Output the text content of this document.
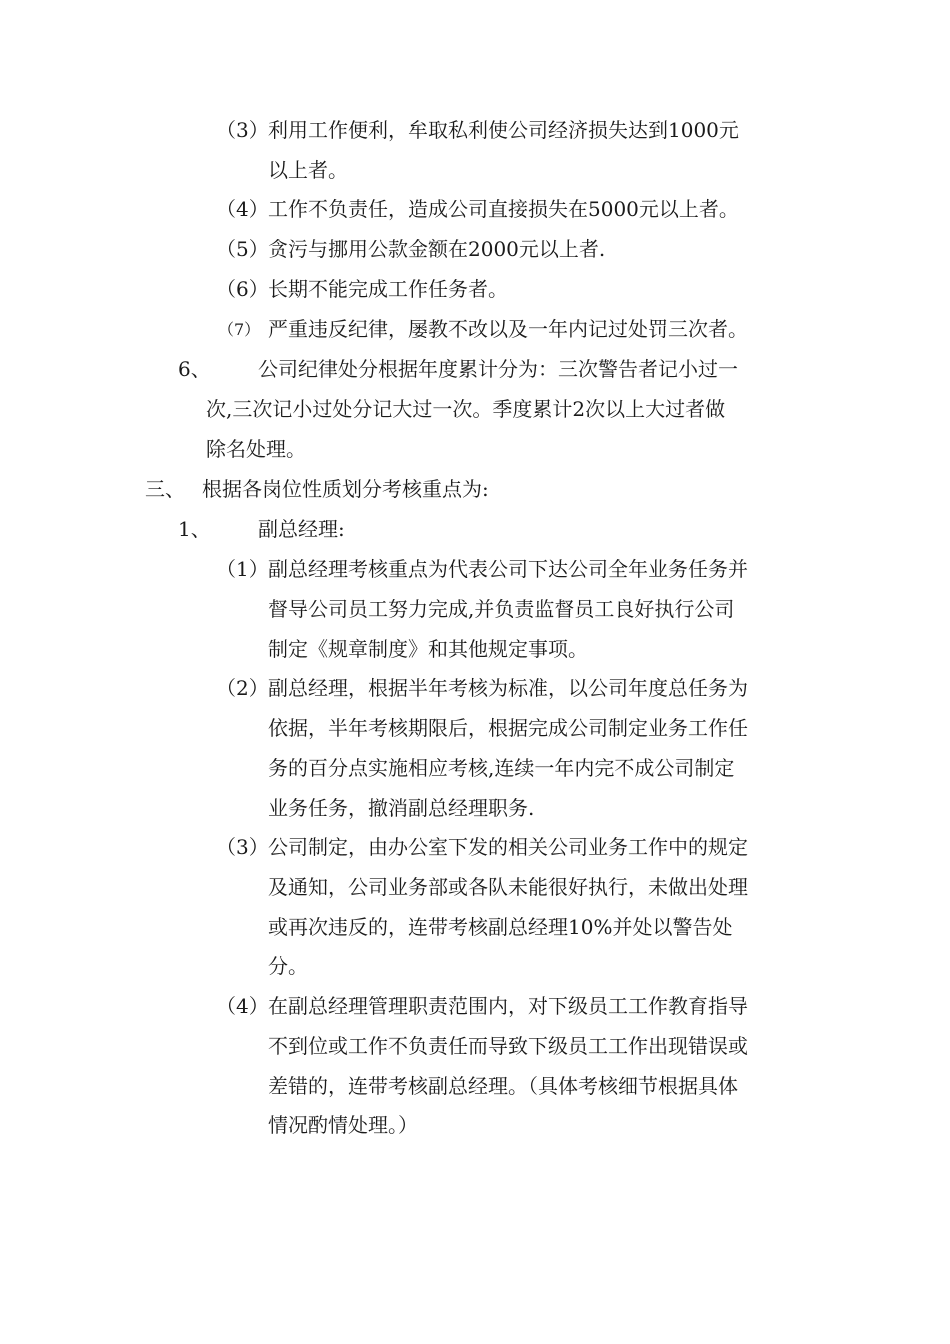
（3） 利用工作便利，牟取私利使公司经济损失达到1000元
以上者。
（4） 工作不负责任，造成公司直接损失在5000元以上者。
（5） 贪污与挪用公款金额在2000元以上者.
（6） 长期不能完成工作任务者。
（7） 严重违反纪律，屡教不改以及一年内记过处罚三次者。
6、 公司纪律处分根据年度累计分为：三次警告者记小过一
次,三次记小过处分记大过一次。季度累计2次以上大过者做
除名处理。
三、 根据各岗位性质划分考核重点为:
1、 副总经理:
（1） 副总经理考核重点为代表公司下达公司全年业务任务并
督导公司员工努力完成,并负责监督员工良好执行公司
制定《规章制度》和其他规定事项。
（2） 副总经理，根据半年考核为标准，以公司年度总任务为
依据，半年考核期限后，根据完成公司制定业务工作任
务的百分点实施相应考核,连续一年内完不成公司制定
业务任务，撤消副总经理职务.
（3） 公司制定，由办公室下发的相关公司业务工作中的规定
及通知，公司业务部或各队未能很好执行，未做出处理
或再次违反的，连带考核副总经理10%并处以警告处
分。
（4） 在副总经理管理职责范围内，对下级员工工作教育指导
不到位或工作不负责任而导致下级员工工作出现错误或
差错的，连带考核副总经理。（具体考核细节根据具体
情况酌情处理。）
